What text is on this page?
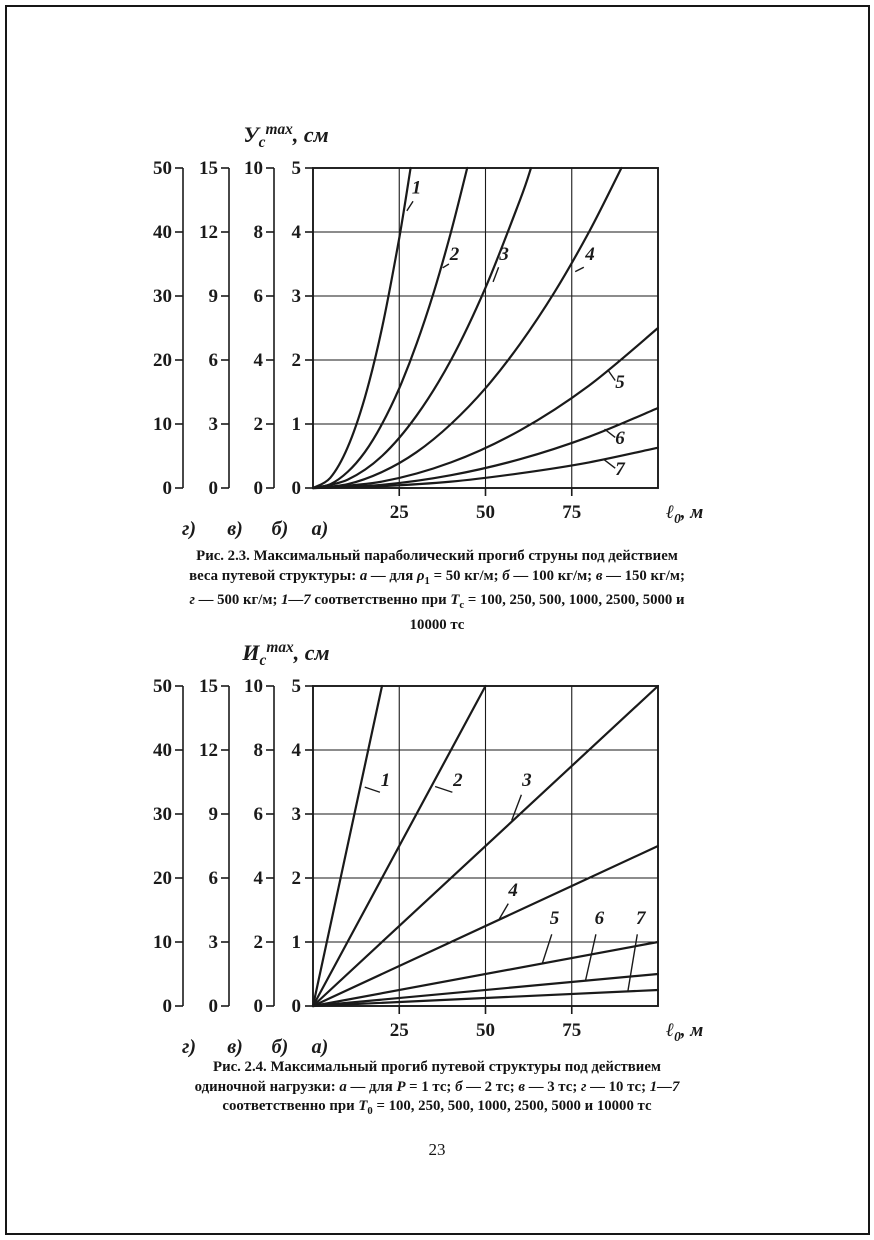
0
1
2
3
4
5
25	50	75	ℓ$_0$, м
0
10
20
30
40
50
г)
0
3
6
9
12
15
в)
0
2
4
6
8
10
б) а)
$У_c^{max}$, см
1
2 3	4
5
6
7
Рис. 2.3. Максимальный параболический прогиб струны под действием
веса путевой структуры: а — для $\rho_1 = 50$ кг/м; б — 100 кг/м; в — 150 кг/м;
г — 500 кг/м; 1—7 соответственно при $Т_с = 100$, 250, 500, 1000, 2500, 5000 и
10000 тс
0
1
2
3
4
5
25	50	75	ℓ$_0$, м
0
10
20
30
40
50
г)
0
3
6
9
12
15
в)
0
2
4
6
8
10
б) а)
$И_c^{max}$, см
1	2	3
4
5 6 7
Рис. 2.4. Максимальный прогиб путевой структуры под действием
одиночной нагрузки: а — для Р = 1 тс; б — 2 тс; в — 3 тс; г — 10 тс; 1—7
соответственно при $Т_0 = 100$, 250, 500, 1000, 2500, 5000 и 10000 тс
23
